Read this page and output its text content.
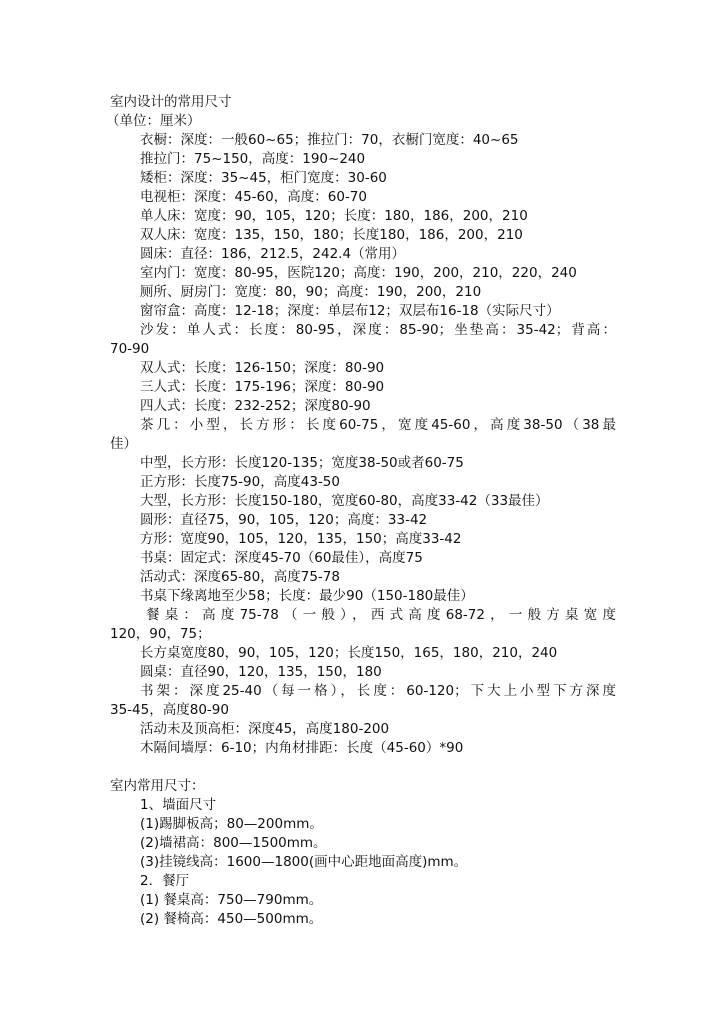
室内设计的常用尺寸
（单位：厘米）
衣橱：深度：一般60~65；推拉门：70，衣橱门宽度：40~65
推拉门：75~150，高度：190~240
矮柜：深度：35~45，柜门宽度：30-60
电视柜：深度：45-60，高度：60-70
单人床：宽度：90，105，120；长度：180，186，200，210
双人床：宽度：135，150，180；长度180，186，200，210
圆床：直径：186，212.5，242.4（常用）
室内门：宽度：80-95，医院120；高度：190，200，210，220，240
厕所、厨房门：宽度：80，90；高度：190，200，210
窗帘盒：高度：12-18；深度：单层布12；双层布16-18（实际尺寸）
沙发：单人式：长度：80-95，深度：85-90；坐垫高：35-42；背高：
70-90
双人式：长度：126-150；深度：80-90
三人式：长度：175-196；深度：80-90
四人式：长度：232-252；深度80-90
茶几：小型，长方形：长度60-75，宽度45-60，高度38-50（38最
佳）
中型，长方形：长度120-135；宽度38-50或者60-75
正方形：长度75-90，高度43-50
大型，长方形：长度150-180，宽度60-80，高度33-42（33最佳）
圆形：直径75，90，105，120；高度：33-42
方形：宽度90，105，120，135，150；高度33-42
书桌：固定式：深度45-70（60最佳），高度75
活动式：深度65-80，高度75-78
书桌下缘离地至少58；长度：最少90（150-180最佳）
餐桌：高度75-78（一般），西式高度68-72，一般方桌宽度
120，90，75；
长方桌宽度80，90，105，120；长度150，165，180，210，240
圆桌：直径90，120，135，150，180
书架：深度25-40（每一格），长度：60-120；下大上小型下方深度
35-45，高度80-90
活动未及顶高柜：深度45，高度180-200
木隔间墙厚：6-10；内角材排距：长度（45-60）*90
室内常用尺寸：
1、墙面尺寸
(1)踢脚板高；80—200mm。
(2)墙裙高：800—1500mm。
(3)挂镜线高：1600—1800(画中心距地面高度)mm。
2．餐厅
(1) 餐桌高：750—790mm。
(2) 餐椅高：450—500mm。
